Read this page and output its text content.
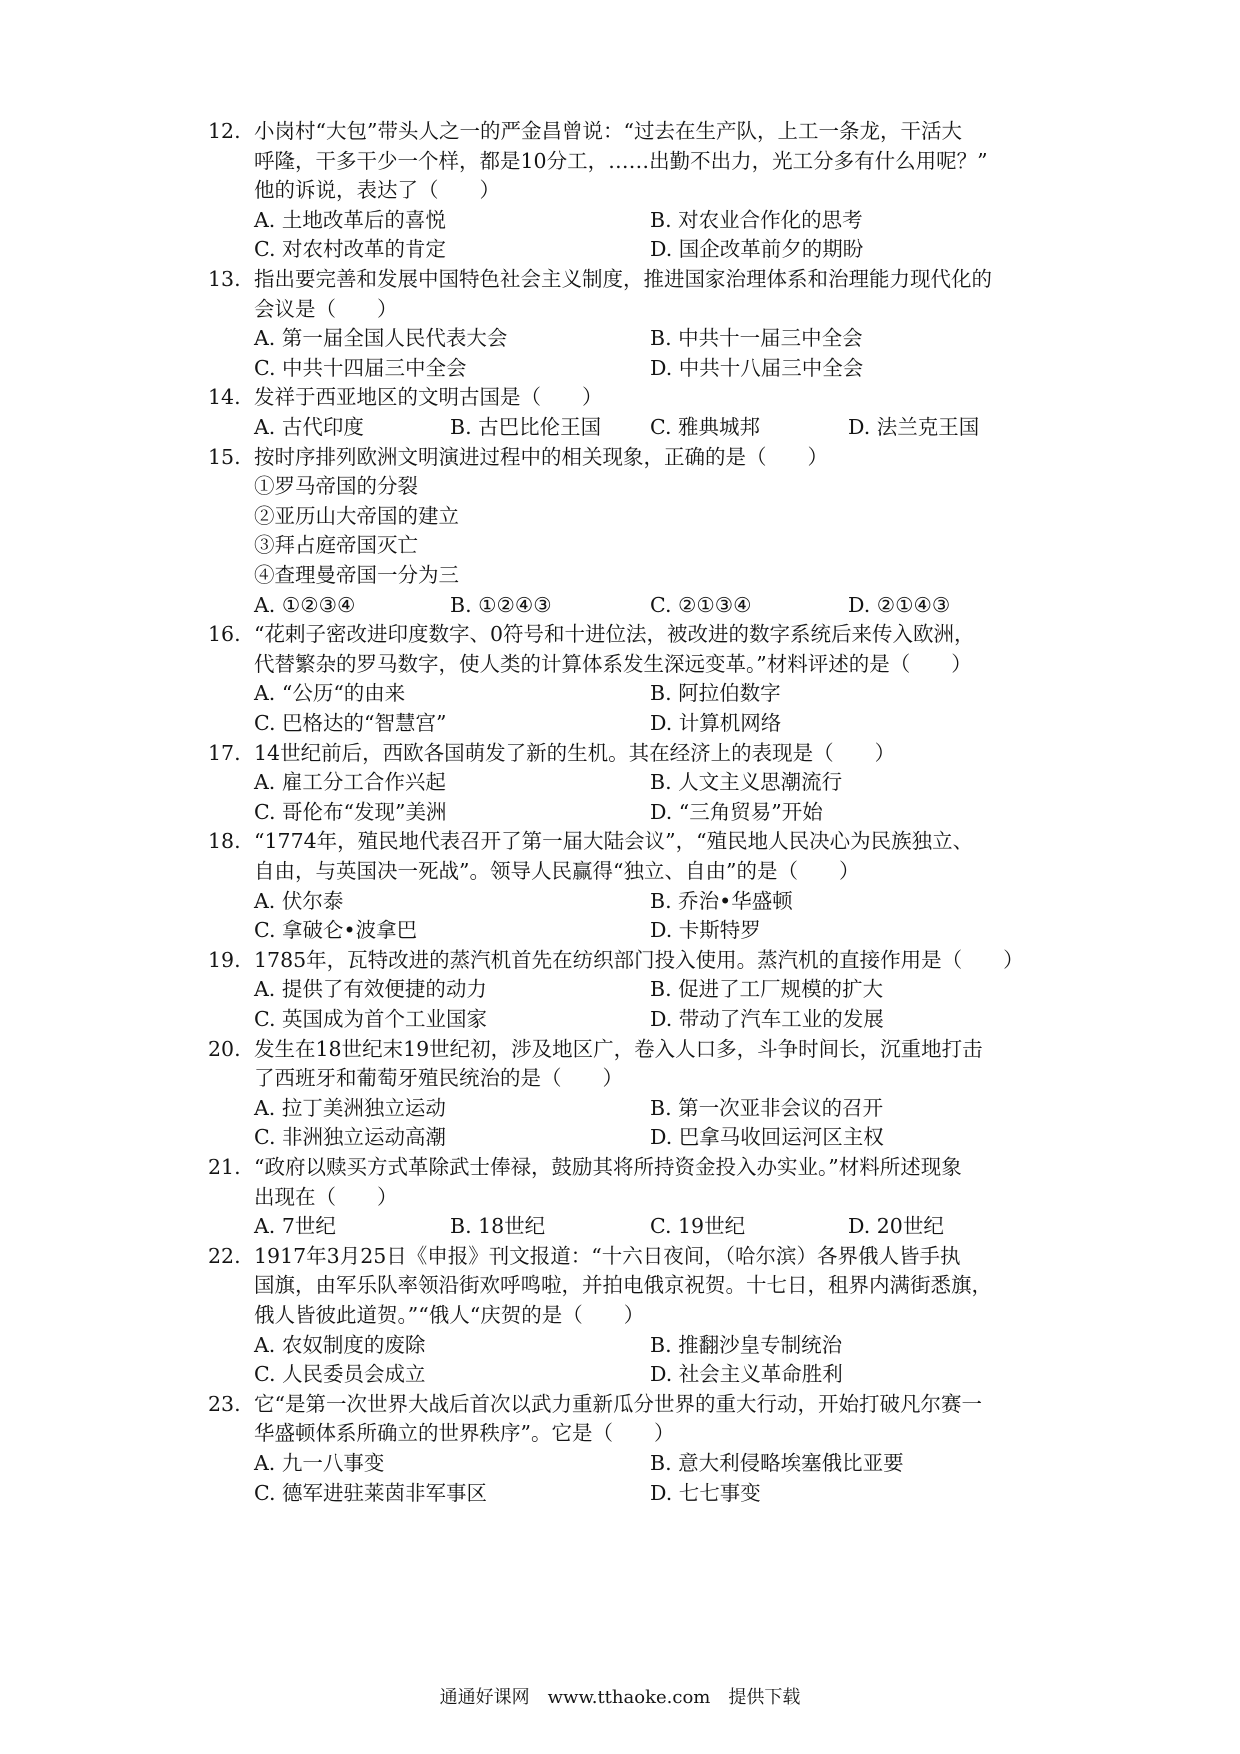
12. 小岗村“大包”带头人之一的严金昌曾说：“过去在生产队，上工一条龙，干活大
呼隆，干多干少一个样，都是10分工，……出勤不出力，光工分多有什么用呢？”
他的诉说，表达了（　　）
A. 土地改革后的喜悦	B. 对农业合作化的思考
C. 对农村改革的肯定	D. 国企改革前夕的期盼
13. 指出要完善和发展中国特色社会主义制度，推进国家治理体系和治理能力现代化的
会议是（　　）
A. 第一届全国人民代表大会	B. 中共十一届三中全会
C. 中共十四届三中全会	D. 中共十八届三中全会
14. 发祥于西亚地区的文明古国是（　　）
A. 古代印度	B. 古巴比伦王国 C. 雅典城邦	D. 法兰克王国
15. 按时序排列欧洲文明演进过程中的相关现象，正确的是（　　）
①罗马帝国的分裂
②亚历山大帝国的建立
③拜占庭帝国灭亡
④查理曼帝国一分为三
A. ①②③④	B. ①②④③	C. ②①③④	D. ②①④③
16. “花剌子密改进印度数字、0符号和十进位法，被改进的数字系统后来传入欧洲，
代替繁杂的罗马数字，使人类的计算体系发生深远变革。”材料评述的是（　　）
A. “公历“的由来	B. 阿拉伯数字
C. 巴格达的“智慧宫”	D. 计算机网络
17. 14世纪前后，西欧各国萌发了新的生机。其在经济上的表现是（　　）
A. 雇工分工合作兴起	B. 人文主义思潮流行
C. 哥伦布“发现”美洲	D. “三角贸易”开始
18. “1774年，殖民地代表召开了第一届大陆会议”，“殖民地人民决心为民族独立、
自由，与英国决一死战”。领导人民赢得“独立、自由”的是（　　）
A. 伏尔泰	B. 乔治•华盛顿
C. 拿破仑•波拿巴	D. 卡斯特罗
19. 1785年，瓦特改进的蒸汽机首先在纺织部门投入使用。蒸汽机的直接作用是（　　）
A. 提供了有效便捷的动力	B. 促进了工厂规模的扩大
C. 英国成为首个工业国家	D. 带动了汽车工业的发展
20. 发生在18世纪末19世纪初，涉及地区广，卷入人口多，斗争时间长，沉重地打击
了西班牙和葡萄牙殖民统治的是（　　）
A. 拉丁美洲独立运动	B. 第一次亚非会议的召开
C. 非洲独立运动高潮	D. 巴拿马收回运河区主权
21. “政府以赎买方式革除武士俸禄，鼓励其将所持资金投入办实业。”材料所述现象
出现在（　　）
A. 7世纪	B. 18世纪	C. 19世纪	D. 20世纪
22. 1917年3月25日《申报》刊文报道：“十六日夜间，（哈尔滨）各界俄人皆手执
国旗，由军乐队率领沿街欢呼鸣啦，并拍电俄京祝贺。十七日，租界内满街悉旗，
俄人皆彼此道贺。”“俄人“庆贺的是（　　）
A. 农奴制度的废除	B. 推翻沙皇专制统治
C. 人民委员会成立	D. 社会主义革命胜利
23. 它“是第一次世界大战后首次以武力重新瓜分世界的重大行动，开始打破凡尔赛一
华盛顿体系所确立的世界秩序”。它是（　　）
A. 九一八事变	B. 意大利侵略埃塞俄比亚要
C. 德军进驻莱茵非军事区	D. 七七事变
通通好课网　www.tthaoke.com　提供下载
